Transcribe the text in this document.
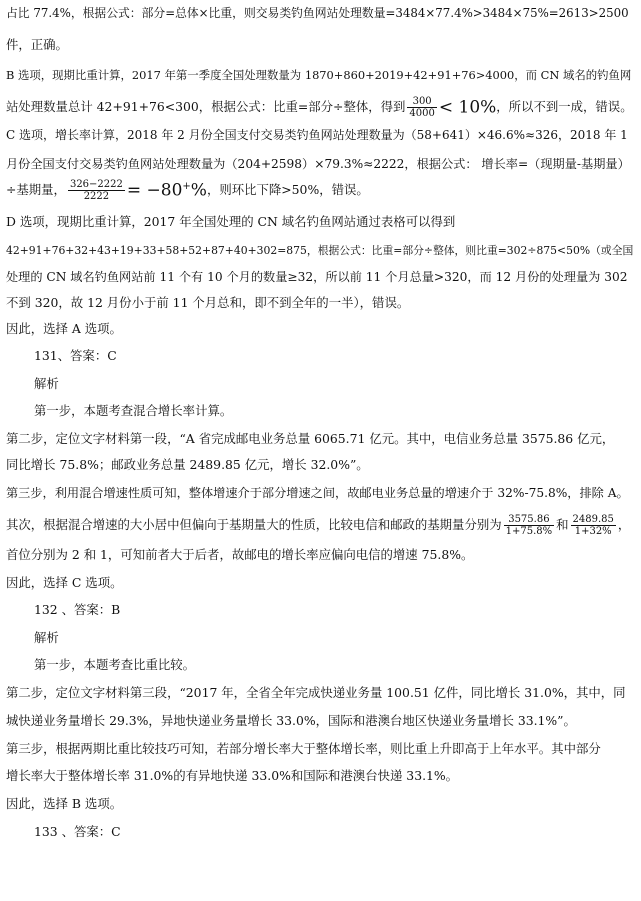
占比 77.4%，根据公式：部分=总体×比重，则交易类钓鱼网站处理数量=3484×77.4%>3484×75%=2613>2500
件，正确。
B 选项，现期比重计算，2017 年第一季度全国处理数量为 1870+860+2019+42+91+76>4000，而 CN 域名的钓鱼网
站处理数量总计 42+91+76<300，根据公式：比重=部分÷整体，得到 $\frac{300}{4000} < 10\%$，所以不到一成，错误。
C 选项，增长率计算，2018 年 2 月份全国支付交易类钓鱼网站处理数量为（58+641）×46.6%≈326，2018 年 1
月份全国支付交易类钓鱼网站处理数量为（204+2598）×79.3%≈2222，根据公式： 增长率=（现期量-基期量）
÷基期量， $\frac{326-2222}{2222} = -80^+\%$，则环比下降>50%，错误。
D 选项，现期比重计算，2017 年全国处理的 CN 域名钓鱼网站通过表格可以得到
42+91+76+32+43+19+33+58+52+87+40+302=875，根据公式：比重=部分÷整体，则比重=302÷875<50%（或全国
处理的 CN 域名钓鱼网站前 11 个有 10 个月的数量≥32，所以前 11 个月总量>320，而 12 月份的处理量为 302
不到 320，故 12 月份小于前 11 个月总和，即不到全年的一半），错误。
因此，选择 A 选项。
131、答案：C
解析
第一步，本题考查混合增长率计算。
第二步，定位文字材料第一段，“A 省完成邮电业务总量 6065.71 亿元。其中，电信业务总量 3575.86 亿元，
同比增长 75.8%；邮政业务总量 2489.85 亿元，增长 32.0%”。
第三步，利用混合增速性质可知，整体增速介于部分增速之间，故邮电业务总量的增速介于 32%-75.8%，排除 A。
其次，根据混合增速的大小居中但偏向于基期量大的性质，比较电信和邮政的基期量分别为 $\frac{3575.86}{1+75.8\%}$ 和 $\frac{2489.85}{1+32\%}$ ，
首位分别为 2 和 1，可知前者大于后者，故邮电的增长率应偏向电信的增速 75.8%。
因此，选择 C 选项。
132 、答案：B
解析
第一步，本题考查比重比较。
第二步，定位文字材料第三段，“2017 年，全省全年完成快递业务量 100.51 亿件，同比增长 31.0%，其中，同
城快递业务量增长 29.3%，异地快递业务量增长 33.0%，国际和港澳台地区快递业务量增长 33.1%”。
第三步，根据两期比重比较技巧可知，若部分增长率大于整体增长率，则比重上升即高于上年水平。其中部分
增长率大于整体增长率 31.0%的有异地快递 33.0%和国际和港澳台快递 33.1%。
因此，选择 B 选项。
133 、答案：C
